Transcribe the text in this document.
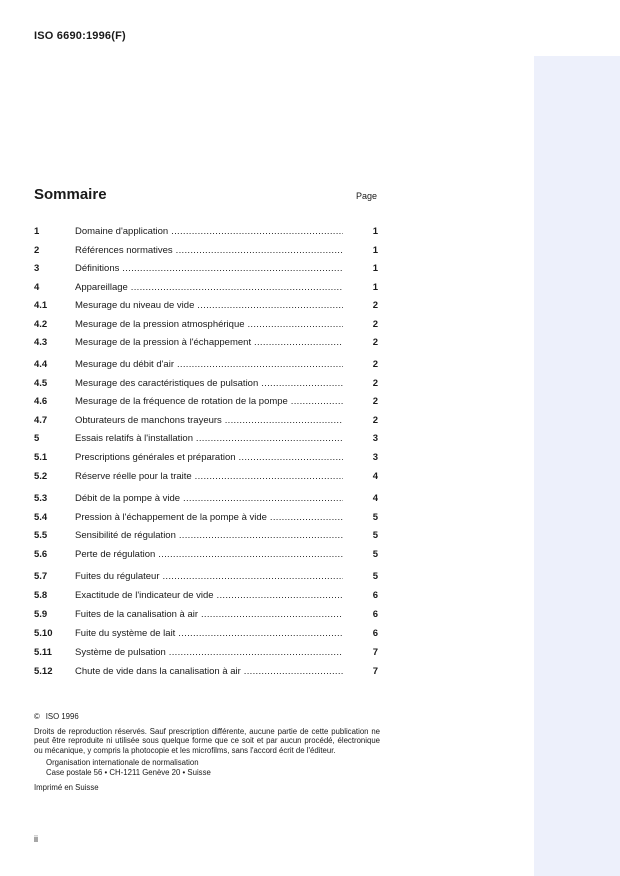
ISO 6690:1996(F)
Sommaire	Page
1	Domaine d'application .....	1
2	Références normatives .....	1
3	Définitions .....	1
4	Appareillage .....	1
4.1	Mesurage du niveau de vide .....	2
4.2	Mesurage de la pression atmosphérique .....	2
4.3	Mesurage de la pression à l'échappement .....	2
4.4	Mesurage du débit d'air .....	2
4.5	Mesurage des caractéristiques de pulsation .....	2
4.6	Mesurage de la fréquence de rotation de la pompe .....	2
4.7	Obturateurs de manchons trayeurs .....	2
5	Essais relatifs à l'installation .....	3
5.1	Prescriptions générales et préparation .....	3
5.2	Réserve réelle pour la traite .....	4
5.3	Débit de la pompe à vide .....	4
5.4	Pression à l'échappement de la pompe à vide .....	5
5.5	Sensibilité de régulation .....	5
5.6	Perte de régulation .....	5
5.7	Fuites du régulateur .....	5
5.8	Exactitude de l'indicateur de vide .....	6
5.9	Fuites de la canalisation à air .....	6
5.10 Fuite du système de lait .....	6
5.11 Système de pulsation .....	7
5.12 Chute de vide dans la canalisation à air .....	7
© ISO 1996
Droits de reproduction réservés. Sauf prescription différente, aucune partie de cette publication ne peut être reproduite ni utilisée sous quelque forme que ce soit et par aucun procédé, électronique ou mécanique, y compris la photocopie et les microfilms, sans l'accord écrit de l'éditeur.
Organisation internationale de normalisation
Case postale 56 • CH-1211 Genève 20 • Suisse
Imprimé en Suisse
ii
